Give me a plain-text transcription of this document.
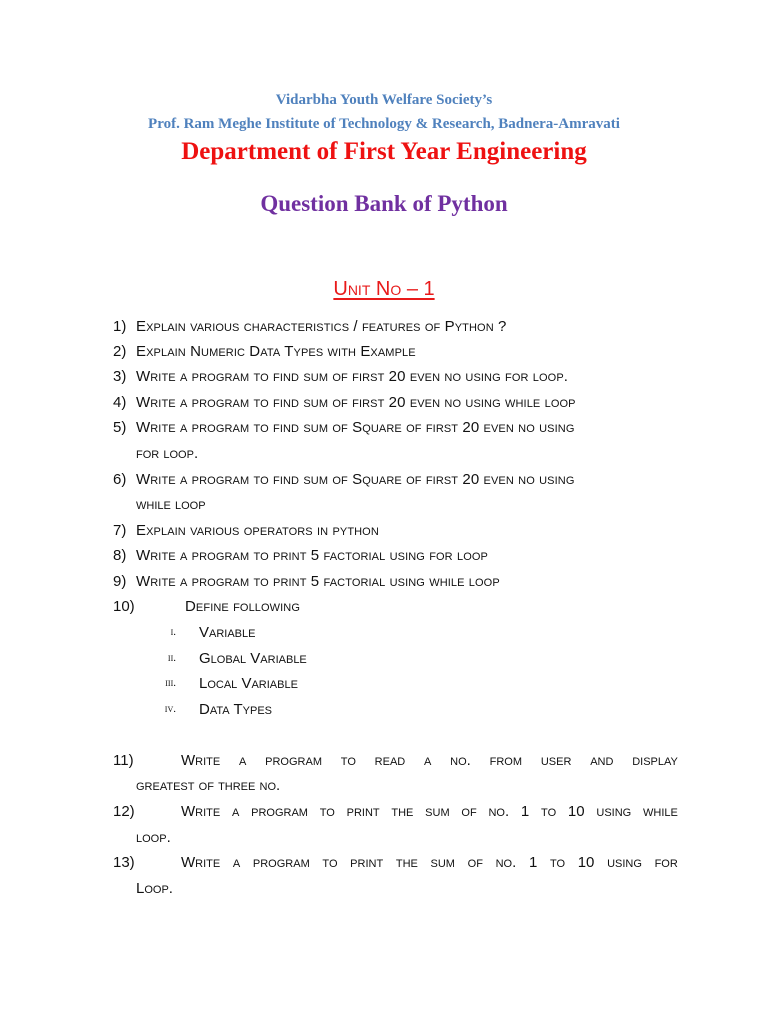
Vidarbha Youth Welfare Society’s
Prof. Ram Meghe Institute of Technology & Research, Badnera-Amravati
Department of First Year Engineering
Question Bank of Python
Unit No – 1
1) Explain various characteristics / features of Python ?
2) Explain Numeric Data Types with Example
3) Write a program to find sum of first 20 even no using for loop.
4) Write a program to find sum of first 20 even no using while loop
5) Write a program to find sum of Square of first 20 even no using
for loop.
6) Write a program to find sum of Square of first 20 even no using
while loop
7) Explain various operators in python
8) Write a program to print 5 factorial using for loop
9) Write a program to print 5 factorial using while loop
10)	Define following
i. Variable
ii. Global Variable
iii. Local Variable
iv. Data Types
11)	Write a program to read a no. from user and display
greatest of three no.
12)	Write a program to print the sum of no. 1 to 10 using while
loop.
13)	Write a program to print the sum of no. 1 to 10 using for
Loop.
